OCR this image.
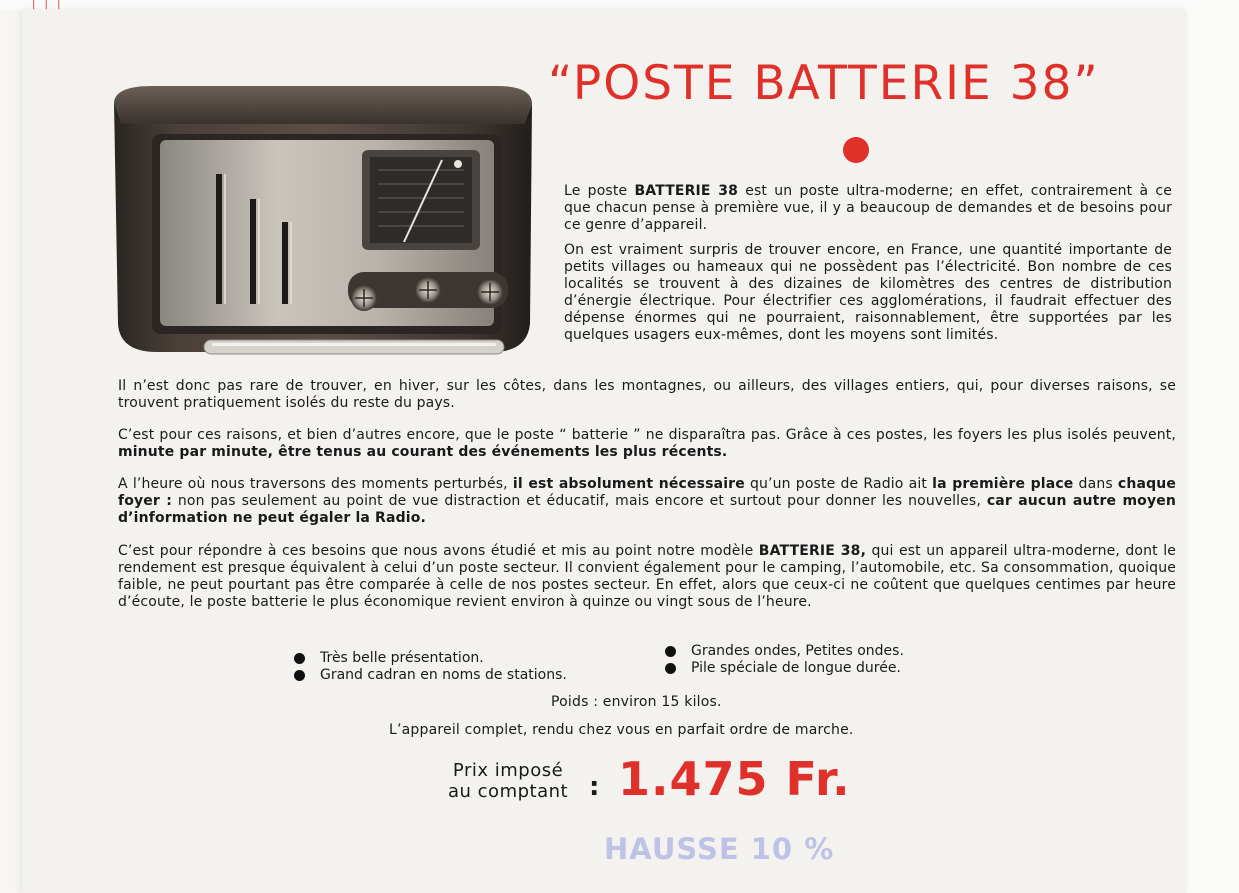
| | |
“POSTE BATTERIE 38”

Le poste BATTERIE 38 est un poste ultra-moderne; en effet, contrairement à ce que chacun pense à première vue, il y a beaucoup de demandes et de besoins pour ce genre d’appareil.

On est vraiment surpris de trouver encore, en France, une quantité importante de petits villages ou hameaux qui ne possèdent pas l’électricité. Bon nombre de ces localités se trouvent à des dizaines de kilomètres des centres de distribution d’énergie électrique. Pour électrifier ces agglomérations, il faudrait effectuer des dépense énormes qui ne pourraient, raisonnablement, être supportées par les quelques usagers eux-mêmes, dont les moyens sont limités.

Il n’est donc pas rare de trouver, en hiver, sur les côtes, dans les montagnes, ou ailleurs, des villages entiers, qui, pour diverses raisons, se trouvent pratiquement isolés du reste du pays.

C’est pour ces raisons, et bien d’autres encore, que le poste “ batterie ” ne disparaîtra pas. Grâce à ces postes, les foyers les plus isolés peuvent, minute par minute, être tenus au courant des événements les plus récents.

A l’heure où nous traversons des moments perturbés, il est absolument nécessaire qu’un poste de Radio ait la première place dans chaque foyer : non pas seulement au point de vue distraction et éducatif, mais encore et surtout pour donner les nouvelles, car aucun autre moyen d’information ne peut égaler la Radio.

C’est pour répondre à ces besoins que nous avons étudié et mis au point notre modèle BATTERIE 38, qui est un appareil ultra-moderne, dont le rendement est presque équivalent à celui d’un poste secteur. Il convient également pour le camping, l’automobile, etc. Sa consommation, quoique faible, ne peut pourtant pas être comparée à celle de nos postes secteur. En effet, alors que ceux-ci ne coûtent que quelques centimes par heure d’écoute, le poste batterie le plus économique revient environ à quinze ou vingt sous de l’heure.

Très belle présentation.
Grand cadran en noms de stations.
Grandes ondes, Petites ondes.
Pile spéciale de longue durée.

Poids : environ 15 kilos.

L’appareil complet, rendu chez vous en parfait ordre de marche.

Prix imposé
au comptant : 1.475 Fr.
HAUSSE 10 %
